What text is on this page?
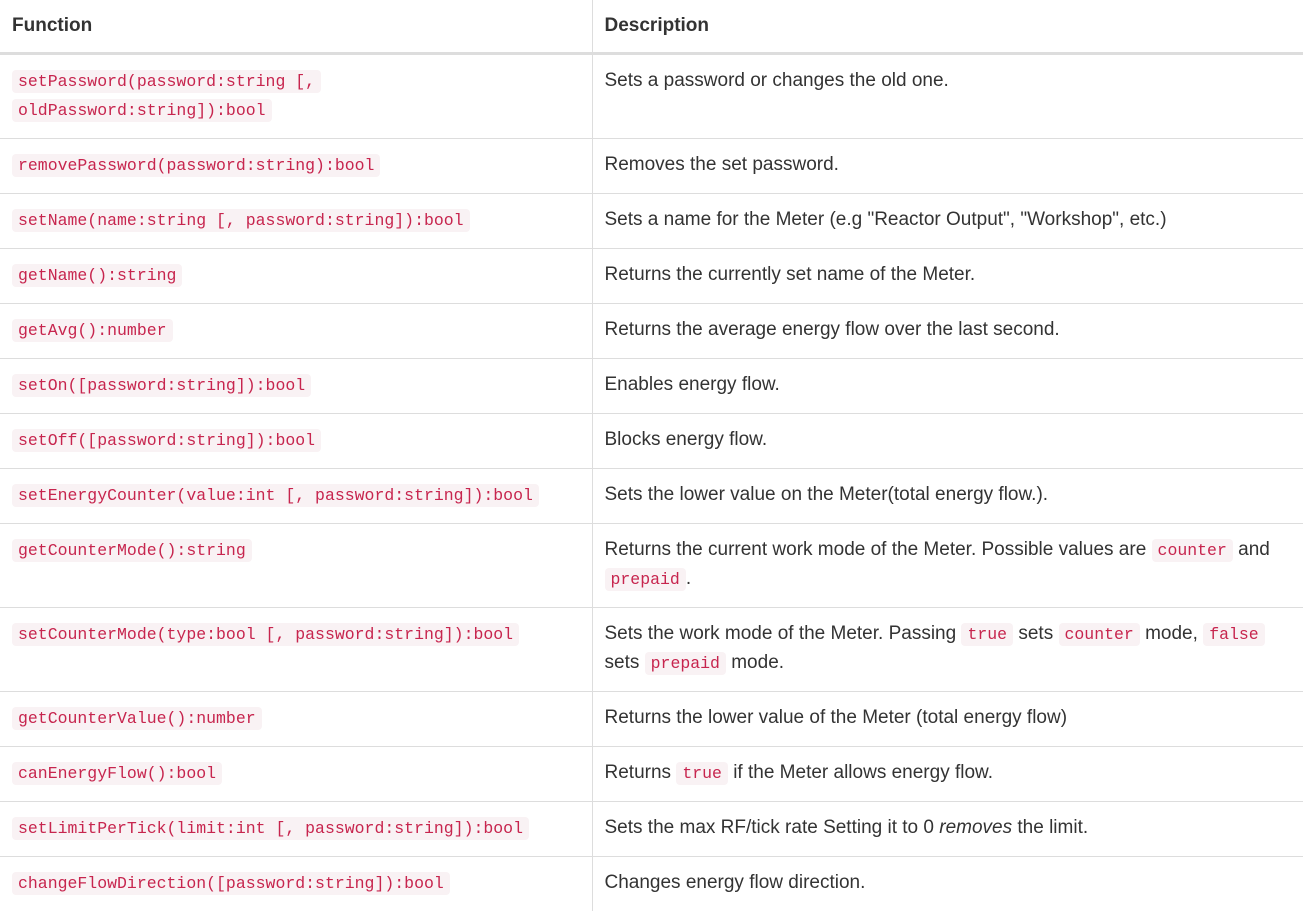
Function	Description
setPassword(password:string [,
oldPassword:string]):bool	Sets a password or changes the old one.
removePassword(password:string):bool	Removes the set password.
setName(name:string [, password:string]):bool	Sets a name for the Meter (e.g "Reactor Output", "Workshop", etc.)
getName():string	Returns the currently set name of the Meter.
getAvg():number	Returns the average energy flow over the last second.
setOn([password:string]):bool	Enables energy flow.
setOff([password:string]):bool	Blocks energy flow.
setEnergyCounter(value:int [, password:string]):bool	Sets the lower value on the Meter(total energy flow.).
getCounterMode():string	Returns the current work mode of the Meter. Possible values are counter and prepaid .
setCounterMode(type:bool [, password:string]):bool	Sets the work mode of the Meter. Passing true sets counter mode, false sets prepaid mode.
getCounterValue():number	Returns the lower value of the Meter (total energy flow)
canEnergyFlow():bool	Returns true if the Meter allows energy flow.
setLimitPerTick(limit:int [, password:string]):bool	Sets the max RF/tick rate Setting it to 0 removes the limit.
changeFlowDirection([password:string]):bool	Changes energy flow direction.
